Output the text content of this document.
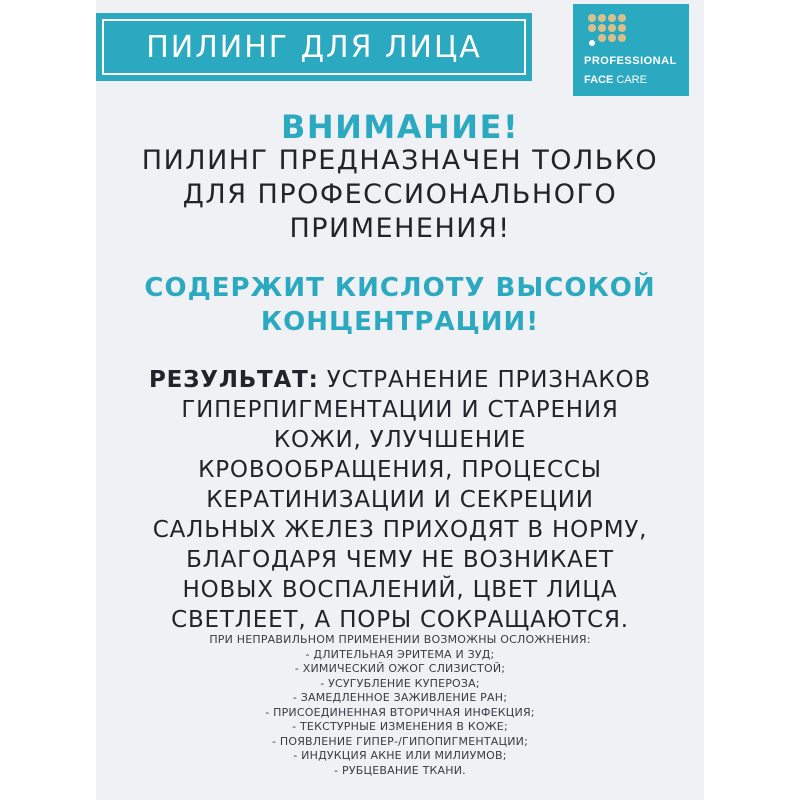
ПИЛИНГ ДЛЯ ЛИЦА	PROFESSIONAL
FACE CARE
ВНИМАНИЕ!
ПИЛИНГ ПРЕДНАЗНАЧЕН ТОЛЬКО
ДЛЯ ПРОФЕССИОНАЛЬНОГО
ПРИМЕНЕНИЯ!
СОДЕРЖИТ КИСЛОТУ ВЫСОКОЙ
КОНЦЕНТРАЦИИ!
РЕЗУЛЬТАТ: УСТРАНЕНИЕ ПРИЗНАКОВ
ГИПЕРПИГМЕНТАЦИИ И СТАРЕНИЯ
КОЖИ, УЛУЧШЕНИЕ
КРОВООБРАЩЕНИЯ, ПРОЦЕССЫ
КЕРАТИНИЗАЦИИ И СЕКРЕЦИИ
САЛЬНЫХ ЖЕЛЕЗ ПРИХОДЯТ В НОРМУ,
БЛАГОДАРЯ ЧЕМУ НЕ ВОЗНИКАЕТ
НОВЫХ ВОСПАЛЕНИЙ, ЦВЕТ ЛИЦА
СВЕТЛЕЕТ, А ПОРЫ СОКРАЩАЮТСЯ.
ПРИ НЕПРАВИЛЬНОМ ПРИМЕНЕНИИ ВОЗМОЖНЫ ОСЛОЖНЕНИЯ:
- ДЛИТЕЛЬНАЯ ЭРИТЕМА И ЗУД;
- ХИМИЧЕСКИЙ ОЖОГ СЛИЗИСТОЙ;
- УСУГУБЛЕНИЕ КУПЕРОЗА;
- ЗАМЕДЛЕННОЕ ЗАЖИВЛЕНИЕ РАН;
- ПРИСОЕДИНЕННАЯ ВТОРИЧНАЯ ИНФЕКЦИЯ;
- ТЕКСТУРНЫЕ ИЗМЕНЕНИЯ В КОЖЕ;
- ПОЯВЛЕНИЕ ГИПЕР-/ГИПОПИГМЕНТАЦИИ;
- ИНДУКЦИЯ АКНЕ ИЛИ МИЛИУМОВ;
- РУБЦЕВАНИЕ ТКАНИ.
